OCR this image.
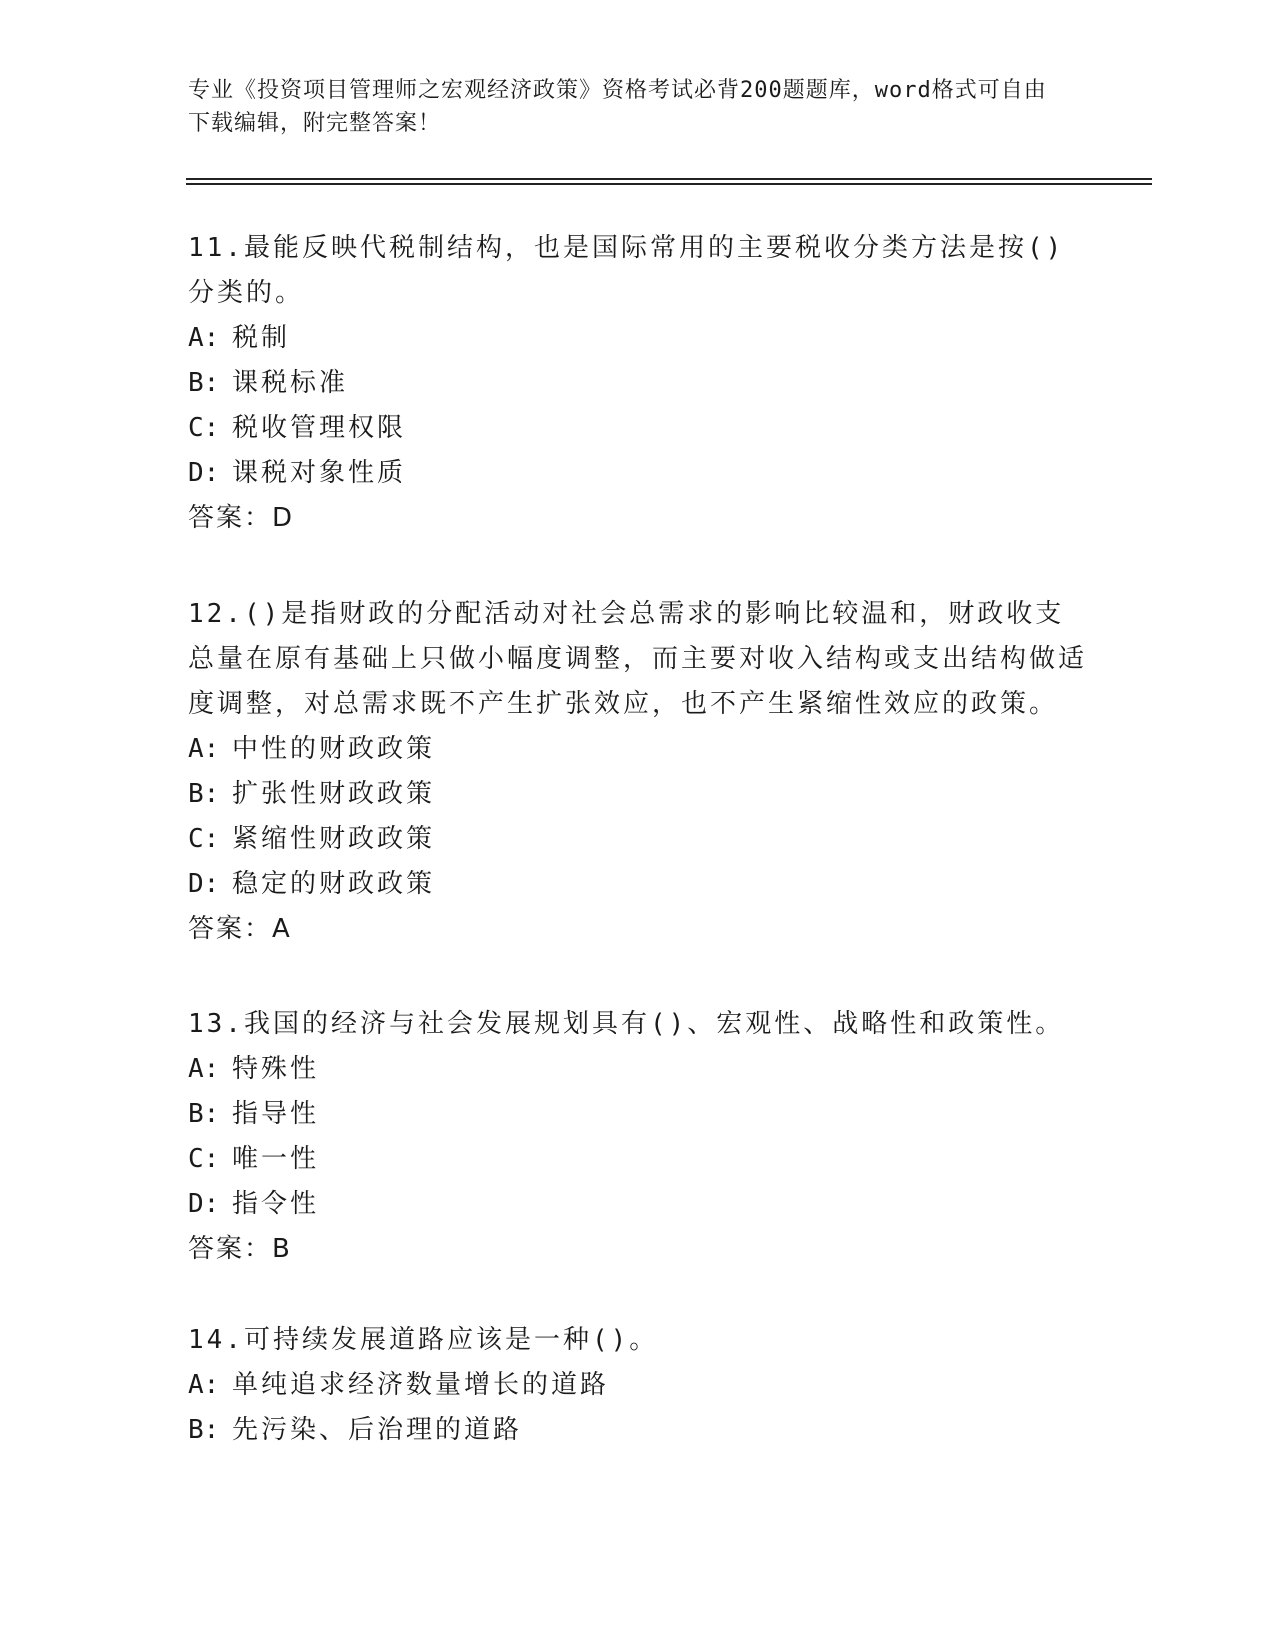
专业《投资项目管理师之宏观经济政策》资格考试必背200题题库，word格式可自由下载编辑，附完整答案！

11.最能反映代税制结构，也是国际常用的主要税收分类方法是按()分类的。

A: 税制

B: 课税标准

C: 税收管理权限

D: 课税对象性质

答案：D

12.()是指财政的分配活动对社会总需求的影响比较温和，财政收支总量在原有基础上只做小幅度调整，而主要对收入结构或支出结构做适度调整，对总需求既不产生扩张效应，也不产生紧缩性效应的政策。

A: 中性的财政政策

B: 扩张性财政政策

C: 紧缩性财政政策

D: 稳定的财政政策

答案：A

13.我国的经济与社会发展规划具有()、宏观性、战略性和政策性。

A: 特殊性

B: 指导性

C: 唯一性

D: 指令性

答案：B

14.可持续发展道路应该是一种()。

A: 单纯追求经济数量增长的道路

B: 先污染、后治理的道路
